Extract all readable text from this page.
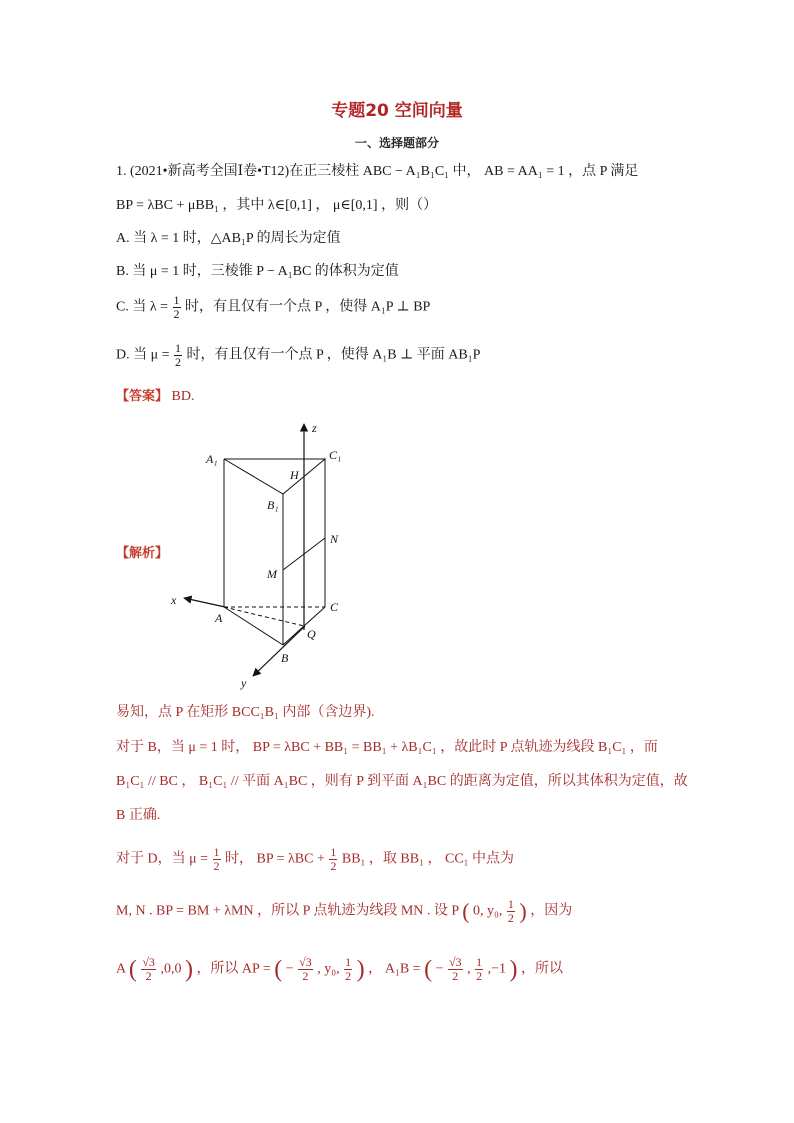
专题20 空间向量
一、选择题部分
1. (2021•新高考全国Ⅰ卷•T12)在正三棱柱 ABC − A₁B₁C₁ 中， AB = AA₁ = 1 ，点 P 满足
BP = λBC + μBB₁ ，其中 λ∈[0,1] ， μ∈[0,1] ，则（）
A. 当 λ = 1 时，△AB₁P 的周长为定值
B. 当 μ = 1 时，三棱锥 P − A₁BC 的体积为定值
C. 当 $\lambda = \frac{1}{2}$ 时，有且仅有一个点 P ，使得 A₁P ⊥ BP
D. 当 $\mu = \frac{1}{2}$ 时，有且仅有一个点 P ，使得 A₁B ⊥ 平面 AB₁P
【答案】 BD.
【解析】
z
x
y
A₁	C₁
H
B₁
N
M
C
A
Q
B
易知，点 P 在矩形 BCC₁B₁ 内部（含边界).
对于 B，当 μ = 1 时， BP = λBC + BB₁ = BB₁ + λB₁C₁ ，故此时 P 点轨迹为线段 B₁C₁ ，而
B₁C₁ // BC ， B₁C₁ // 平面 A₁BC ，则有 P 到平面 A₁BC 的距离为定值，所以其体积为定值，故
B 正确.
对于 D，当 $\mu = \frac{1}{2}$ 时， BP = $\lambda BC + \frac{1}{2} BB_1$ ，取 BB₁ ， CC₁ 中点为
M, N . BP = BM + λMN ，所以 P 点轨迹为线段 MN . 设 P ( 0, y₀, $\frac{1}{2}$ ) ，因为
A ( $\frac{√3}{2} ,0,0$ ) ，所以 AP = ( − $\frac{√3}{2}$ , y₀, $\frac{1}{2}$ ) ， A₁B = ( − $\frac{√3}{2}$ , $\frac{1}{2} ,-1$ ) ，所以
